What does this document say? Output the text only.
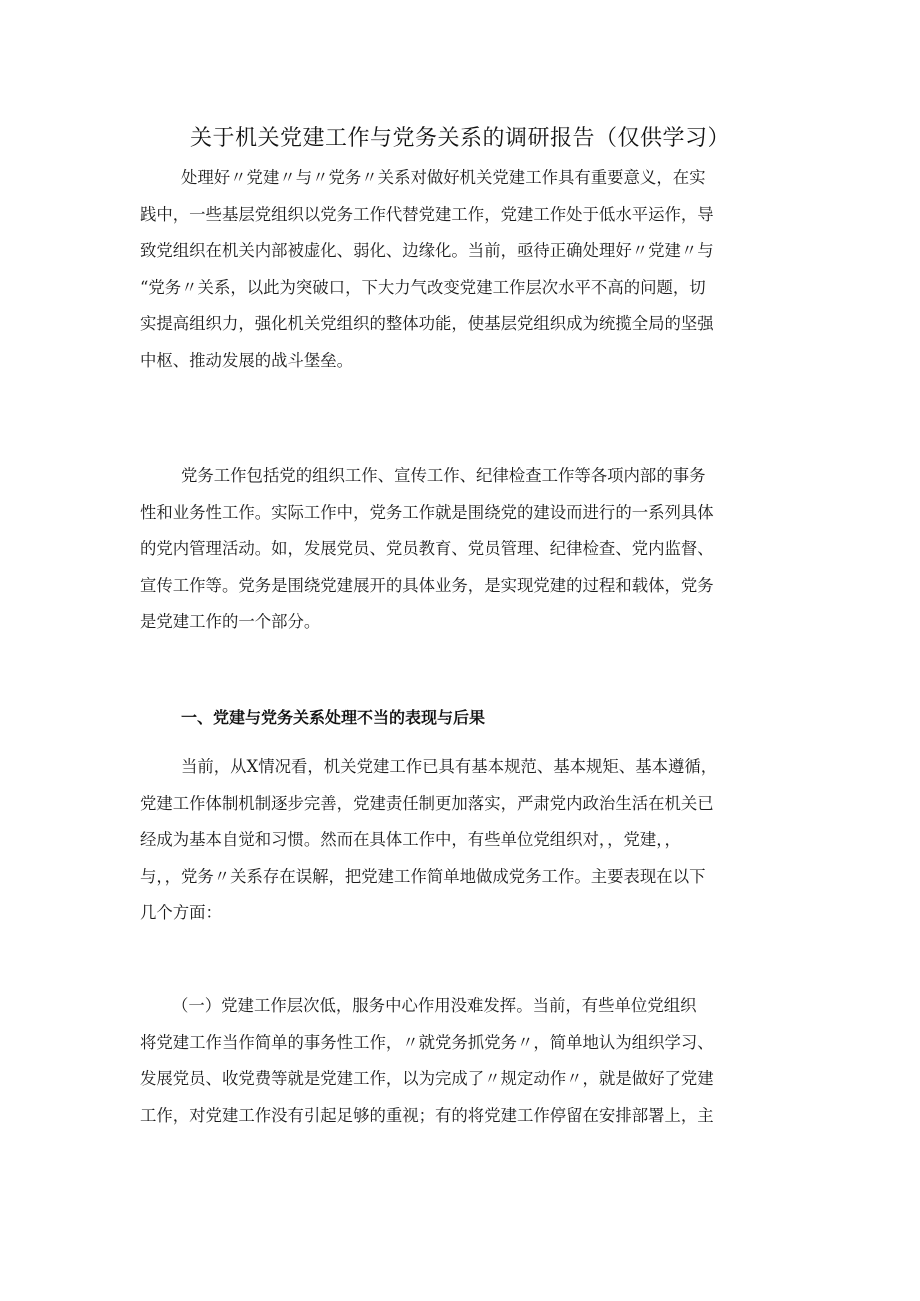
关于机关党建工作与党务关系的调研报告（仅供学习）
处理好〃党建〃与〃党务〃关系对做好机关党建工作具有重要意义，在实
践中，一些基层党组织以党务工作代替党建工作，党建工作处于低水平运作，导
致党组织在机关内部被虚化、弱化、边缘化。当前，亟待正确处理好〃党建〃与
“党务〃关系，以此为突破口，下大力气改变党建工作层次水平不高的问题，切
实提高组织力，强化机关党组织的整体功能，使基层党组织成为统揽全局的坚强
中枢、推动发展的战斗堡垒。
党务工作包括党的组织工作、宣传工作、纪律检查工作等各项内部的事务
性和业务性工作。实际工作中，党务工作就是围绕党的建设而进行的一系列具体
的党内管理活动。如，发展党员、党员教育、党员管理、纪律检查、党内监督、
宣传工作等。党务是围绕党建展开的具体业务，是实现党建的过程和载体，党务
是党建工作的一个部分。
一、党建与党务关系处理不当的表现与后果
当前，从X情况看，机关党建工作已具有基本规范、基本规矩、基本遵循，
党建工作体制机制逐步完善，党建责任制更加落实，严肃党内政治生活在机关已
经成为基本自觉和习惯。然而在具体工作中，有些单位党组织对，，党建，，
与，，党务〃关系存在误解，把党建工作简单地做成党务工作。主要表现在以下
几个方面：
（一）党建工作层次低，服务中心作用没难发挥。当前，有些单位党组织
将党建工作当作简单的事务性工作，〃就党务抓党务〃，简单地认为组织学习、
发展党员、收党费等就是党建工作，以为完成了〃规定动作〃，就是做好了党建
工作，对党建工作没有引起足够的重视；有的将党建工作停留在安排部署上，主
